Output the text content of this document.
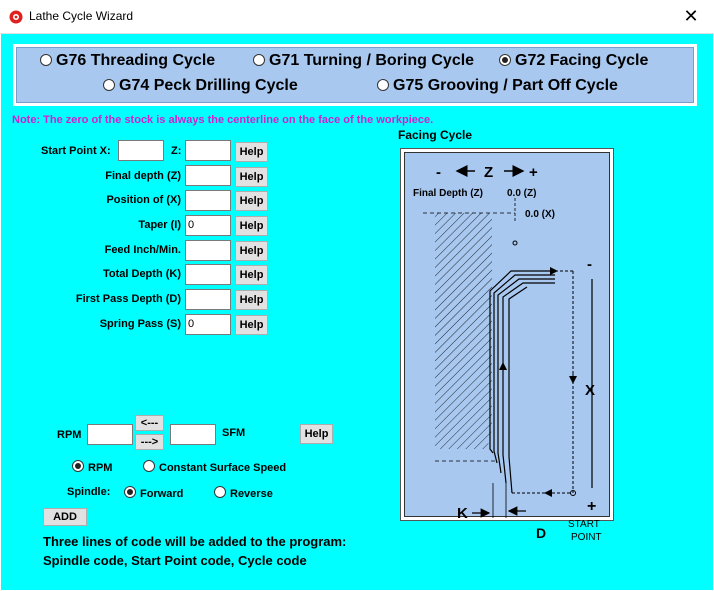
Lathe Cycle Wizard	✕
G76 Threading Cycle	G71 Turning / Boring Cycle	G72 Facing Cycle
G74 Peck Drilling Cycle	G75 Grooving / Part Off Cycle
Note: The zero of the stock is always the centerline on the face of the workpiece.
Start Point X:	Z:	Help
Final depth (Z)	Help
Position of (X)	Help
Taper (I) 0	Help
Feed Inch/Min.	Help
Total Depth (K)	Help
First Pass Depth (D)	Help
Spring Pass (S) 0	Help
RPM
<---
--->
SFM	Help
RPM	Constant Surface Speed
Spindle:	Forward	Reverse
ADD
Three lines of code will be added to the program:
Spindle code, Start Point code, Cycle code
Facing Cycle
-	Z +
Final Depth (Z) 0.0 (Z)
0.0 (X)
-
X
+
K
D
START
POINT
